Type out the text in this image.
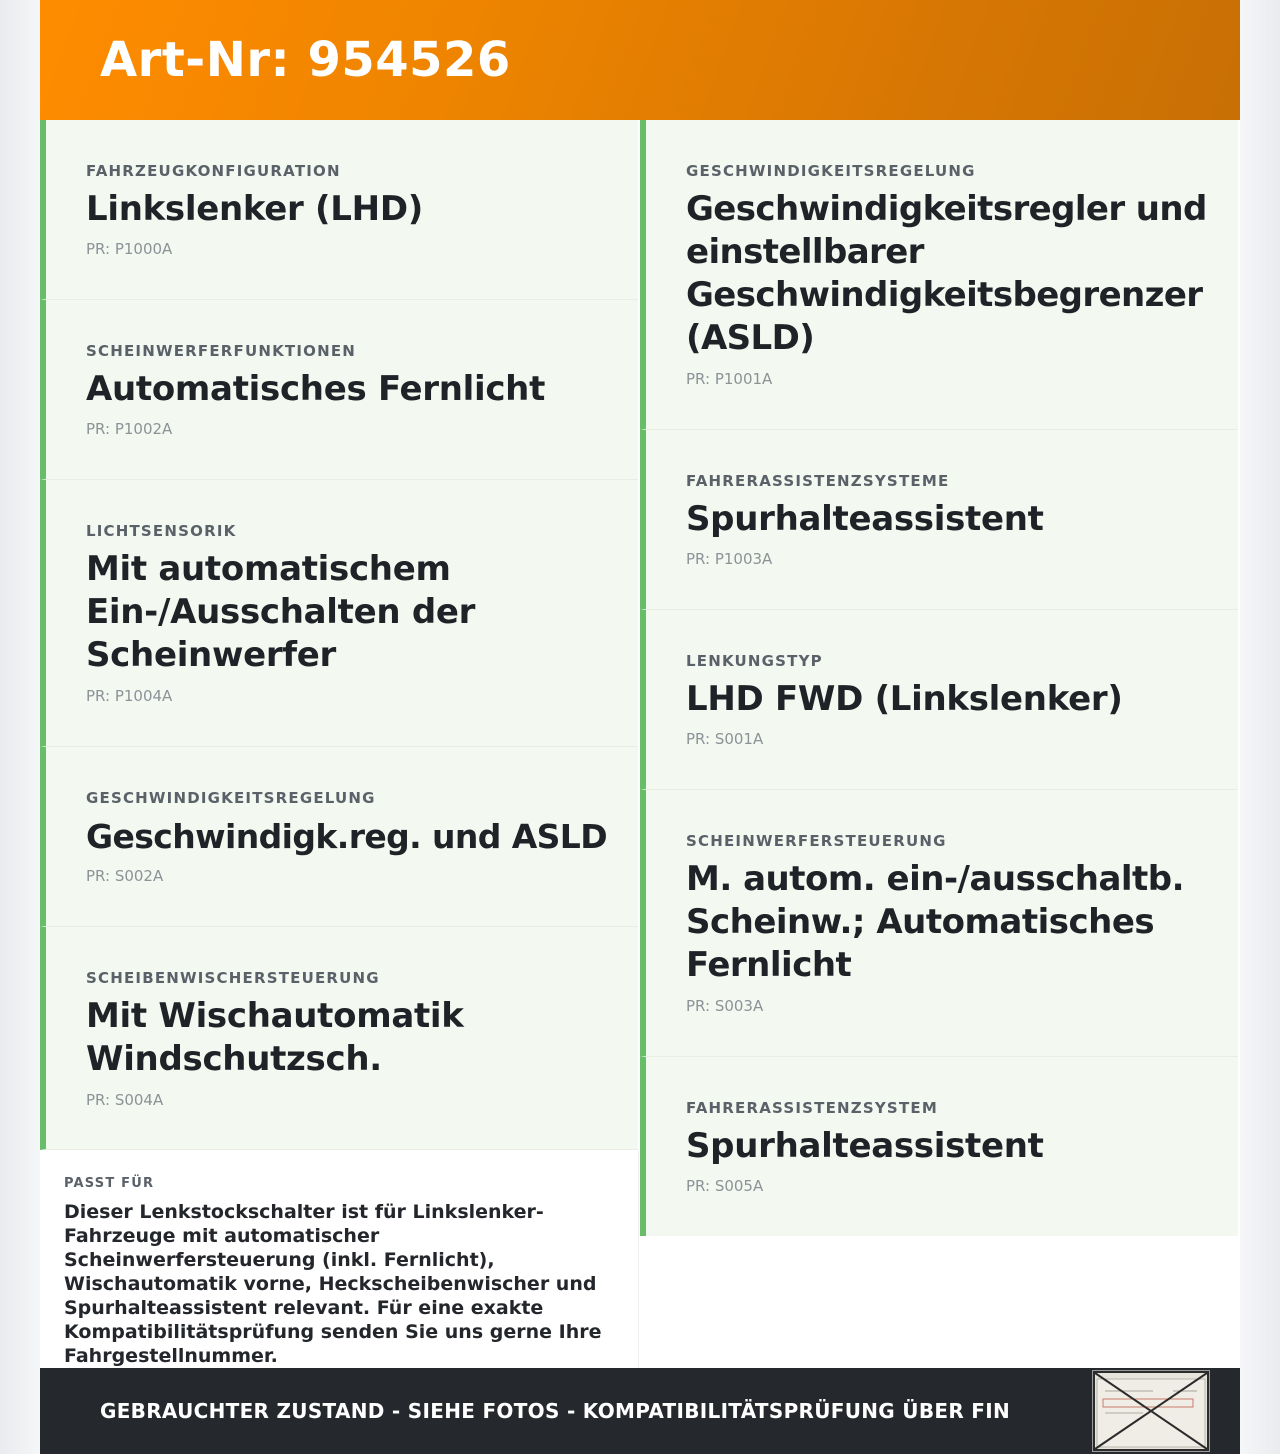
Art-Nr: 954526
FAHRZEUGKONFIGURATION
Linkslenker (LHD)
PR: P1000A
SCHEINWERFERFUNKTIONEN
Automatisches Fernlicht
PR: P1002A
LICHTSENSORIK
Mit automatischem Ein-/Ausschalten der Scheinwerfer
PR: P1004A
GESCHWINDIGKEITSREGELUNG
Geschwindigk.reg. und ASLD
PR: S002A
SCHEIBENWISCHERSTEUERUNG
Mit Wischautomatik Windschutzsch.
PR: S004A
PASST FÜR
Dieser Lenkstockschalter ist für Linkslenker-Fahrzeuge mit automatischer Scheinwerfersteuerung (inkl. Fernlicht), Wischautomatik vorne, Heckscheibenwischer und Spurhalteassistent relevant. Für eine exakte Kompatibilitätsprüfung senden Sie uns gerne Ihre Fahrgestellnummer.
GESCHWINDIGKEITSREGELUNG
Geschwindigkeitsregler und einstellbarer Geschwindigkeitsbegrenzer (ASLD)
PR: P1001A
FAHRERASSISTENZSYSTEME
Spurhalteassistent
PR: P1003A
LENKUNGSTYP
LHD FWD (Linkslenker)
PR: S001A
SCHEINWERFERSTEUERUNG
M. autom. ein-/ausschaltb. Scheinw.; Automatisches Fernlicht
PR: S003A
FAHRERASSISTENZSYSTEM
Spurhalteassistent
PR: S005A
GEBRAUCHTER ZUSTAND - SIEHE FOTOS - KOMPATIBILITÄTSPRÜFUNG ÜBER FIN
